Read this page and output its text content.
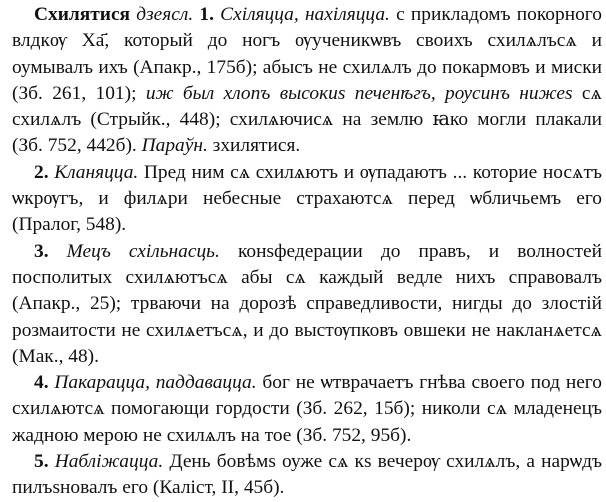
Схилятися дзеясл. 1. Схіляцца, нахіляцца. с прикладомъ покорного влдкѹ Ха҃, который до ногъ ѹученикѡвъ своихъ схилѧлъсѧ и оумывалъ ихъ (Апакр., 175б); абысъ не схилѧлъ до покармовъ и миски (Зб. 261, 101); иж был хлопъ высокиѕ печенѣгъ, рѹсинъ нижеѕ сѧ схилѧлъ (Стрыйк., 448); схилѧючисѧ на землю ꙗко могли плакали (Зб. 752, 442б). Параўн. зхилятися.

2. Кланяцца. Пред ним сѧ схилѧютъ и ѹпадаютъ ... которие носѧтъ ѡкрѹгъ, и филѧри небесные страхаютсѧ перед ѡбличьемъ его (Пралог, 548).

3. Мецъ схільнасць. конѕфедерации до правъ, и волностей посполитых схилѧютъсѧ абы сѧ каждый ведле нихъ справовалъ (Апакр., 25); трвaючи на дорозѣ справедливости, нигды до злостій розмаитости не схилѧетъсѧ, и до выстѹпковъ овшеки не накланѧетсѧ (Мак., 48).

4. Пакарацца, паддавацца. бог не ѡтврачаетъ гнѣва своего под него схилѧютсѧ помогающи гордости (Зб. 262, 15б); николи сѧ младенецъ жадною мерою не схилѧлъ на тое (Зб. 752, 95б).

5. Набліжацца. День бовѣмѕ оуже сѧ кѕ вечерѹ схилѧлъ, а нарѡдъ пилъѕновалъ его (Каліст, II, 45б).
